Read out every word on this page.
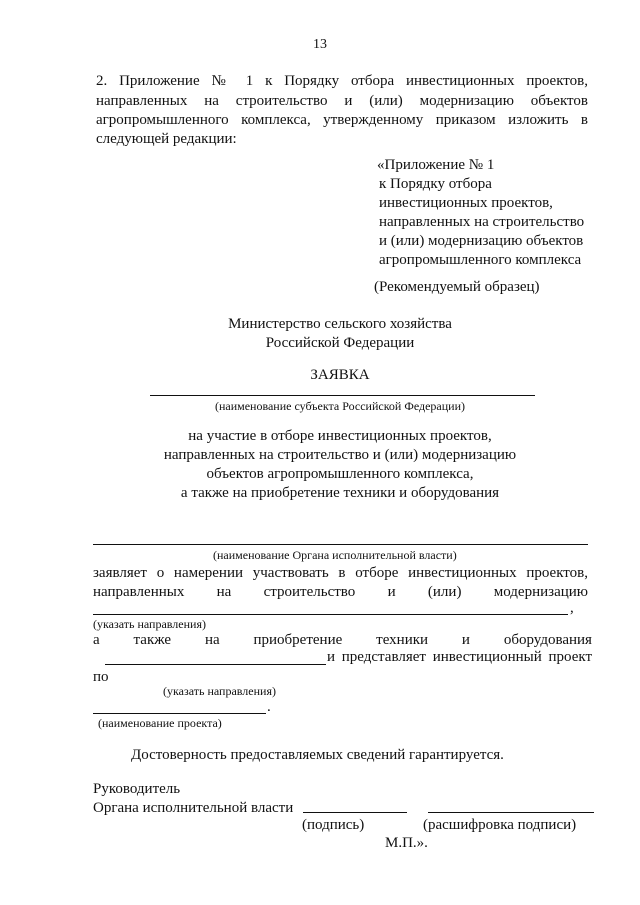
13
2. Приложение № 1 к Порядку отбора инвестиционных проектов,
направленных на строительство и (или) модернизацию объектов
агропромышленного комплекса, утвержденному приказом изложить в
следующей редакции:
«Приложение № 1
к Порядку отбора
инвестиционных проектов,
направленных на строительство
и (или) модернизацию объектов
агропромышленного комплекса
(Рекомендуемый образец)
Министерство сельского хозяйства
Российской Федерации
ЗАЯВКА
(наименование субъекта Российской Федерации)
на участие в отборе инвестиционных проектов,
направленных на строительство и (или) модернизацию
объектов агропромышленного комплекса,
а также на приобретение техники и оборудования
(наименование Органа исполнительной власти)
заявляет о намерении участвовать в отборе инвестиционных проектов,
направленных на строительство и (или) модернизацию
,
(указать направления)
а также на приобретение техники и оборудования
и представляет инвестиционный проект
по
(указать направления)
.
(наименование проекта)
Достоверность предоставляемых сведений гарантируется.
Руководитель
Органа исполнительной власти
(подпись)	(расшифровка подписи)
М.П.».
